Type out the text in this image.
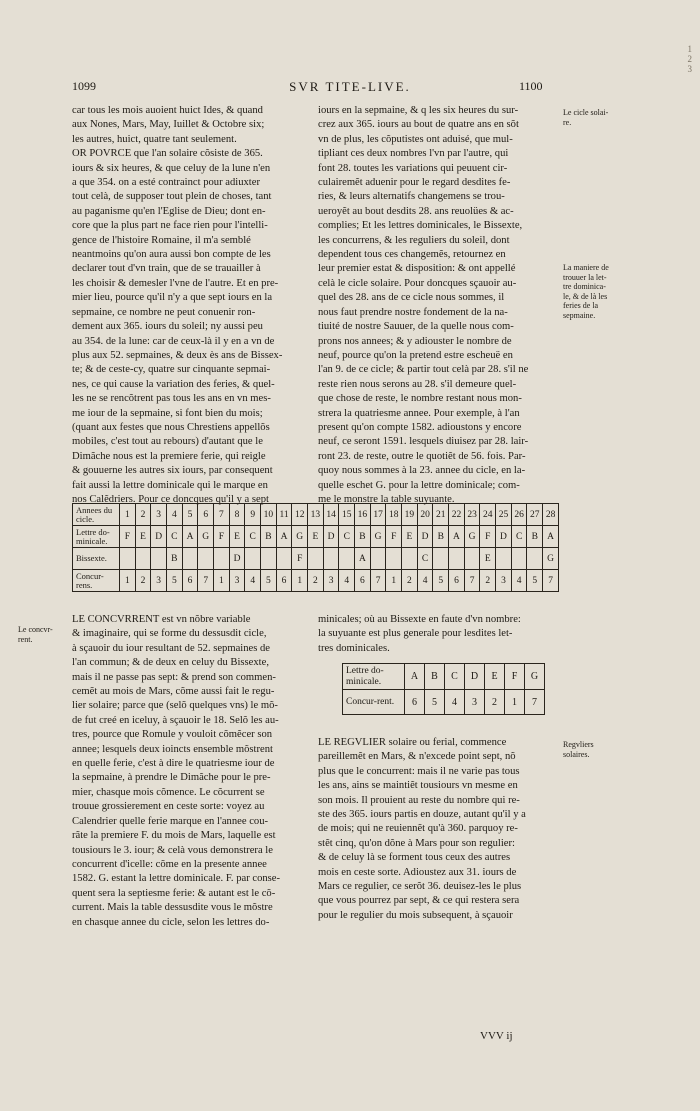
1099	SVR TITE-LIVE.	1100
1
2
3
car tous les mois auoient huict Ides, & quand
aux Nones, Mars, May, Iuillet & Octobre six;
les autres, huict, quatre tant seulement.
OR POVRCE que l'an solaire cõsiste de 365.
iours & six heures, & que celuy de la lune n'en
a que 354. on a esté contrainct pour adiuxter
tout celà, de supposer tout plein de choses, tant
au paganisme qu'en l'Eglise de Dieu; dont en-
core que la plus part ne face rien pour l'intelli-
gence de l'histoire Romaine, il m'a semblé
neantmoins qu'on aura aussi bon compte de les
declarer tout d'vn train, que de se trauailler à
les choisir & demesler l'vne de l'autre. Et en pre-
mier lieu, pource qu'il n'y a que sept iours en la
sepmaine, ce nombre ne peut conuenir ron-
dement aux 365. iours du soleil; ny aussi peu
au 354. de la lune: car de ceux-là il y en a vn de
plus aux 52. sepmaines, & deux ès ans de Bissex-
te; & de ceste-cy, quatre sur cinquante sepmai-
nes, ce qui cause la variation des feries, & quel-
les ne se rencõtrent pas tous les ans en vn mes-
me iour de la sepmaine, si font bien du mois;
(quant aux festes que nous Chrestiens appellõs
mobiles, c'est tout au rebours) d'autant que le
Dimãche nous est la premiere ferie, qui reigle
& gouuerne les autres six iours, par consequent
fait aussi la lettre dominicale qui le marque en
nos Calẽdriers. Pour ce doncques qu'il y a sept
iours en la sepmaine, & q les six heures du sur-
crez aux 365. iours au bout de quatre ans en sõt
vn de plus, les cõputistes ont aduisé, que mul-
tipliant ces deux nombres l'vn par l'autre, qui
font 28. toutes les variations qui peuuent cir-
culairemẽt aduenir pour le regard desdites fe-
ries, & leurs alternatifs changemens se trou-
ueroyẽt au bout desdits 28. ans reuolües & ac-
complies; Et les lettres dominicales, le Bissexte,
les concurrens, & les reguliers du soleil, dont
dependent tous ces changemẽs, retournez en
leur premier estat & disposition: & ont appellé
celà le cicle solaire. Pour doncques sçauoir au-
quel des 28. ans de ce cicle nous sommes, il
nous faut prendre nostre fondement de la na-
tiuité de nostre Sauuer, de la quelle nous com-
prons nos annees; & y adiouster le nombre de
neuf, pource qu'on la pretend estre escheuë en
l'an 9. de ce cicle; & partir tout celà par 28. s'il ne
reste rien nous serons au 28. s'il demeure quel-
que chose de reste, le nombre restant nous mon-
strera la quatriesme annee. Pour exemple, à l'an
present qu'on compte 1582. adioustons y encore
neuf, ce seront 1591. lesquels diuisez par 28. lair-
ront 23. de reste, outre le quotiẽt de 56. fois. Par-
quoy nous sommes à la 23. annee du cicle, en la-
quelle eschet G. pour la lettre dominicale; com-
me le monstre la table suyuante.
Le cicle solai-
re.
La maniere de
trouuer la let-
tre dominica-
le, & de là les
feries de la
sepmaine.
Annees du cicle.	1	2	3	4	5	6	7	8	9	10	11	12	13	14	15	16	17	18	19	20	21	22	23	24	25	26	27	28
Lettre do-minicale.	F	E	D	C	A	G	F	E	C	B	A	G	E	D	C	B	G	F	E	D	B	A	G	F	D	C	B	A
Bissexte.				B				D				F				A				C				E				G
Concur-rens.	1	2	3	5	6	7	1	3	4	5	6	1	2	3	4	6	7	1	2	4	5	6	7	2	3	4	5	7
Le concvr-
rent.
LE CONCVRRENT est vn nõbre variable
& imaginaire, qui se forme du dessusdit cicle,
à sçauoir du iour resultant de 52. sepmaines de
l'an commun; & de deux en celuy du Bissexte,
mais il ne passe pas sept: & prend son commen-
cemẽt au mois de Mars, cõme aussi fait le regu-
lier solaire; parce que (selõ quelques vns) le mõ-
de fut creé en iceluy, à sçauoir le 18. Selõ les au-
tres, pource que Romule y vouloit cõmẽcer son
annee; lesquels deux ioincts ensemble mõstrent
en quelle ferie, c'est à dire le quatriesme iour de
la sepmaine, à prendre le Dimãche pour le pre-
mier, chasque mois cõmence. Le cõcurrent se
trouue grossierement en ceste sorte: voyez au
Calendrier quelle ferie marque en l'annee cou-
rãte la premiere F. du mois de Mars, laquelle est
tousiours le 3. iour; & celà vous demonstrera le
concurrent d'icelle: cõme en la presente annee
1582. G. estant la lettre dominicale. F. par conse-
quent sera la septiesme ferie: & autant est le cõ-
current. Mais la table dessusdite vous le mõstre
en chasque annee du cicle, selon les lettres do-
minicales; où au Bissexte en faute d'vn nombre:
la suyuante est plus generale pour lesdites let-
tres dominicales.
Lettre do-minicale.	A	B	C	D	E	F	G
Concur-rent.	6	5	4	3	2	1	7
LE REGVLIER solaire ou ferial, commence
pareillemẽt en Mars, & n'excede point sept, nõ
plus que le concurrent: mais il ne varie pas tous
les ans, ains se maintiẽt tousiours vn mesme en
son mois. Il prouient au reste du nombre qui re-
ste des 365. iours partis en douze, autant qu'il y a
de mois; qui ne reuiennẽt qu'à 360. parquoy re-
stẽt cinq, qu'on dõne à Mars pour son regulier:
& de celuy là se forment tous ceux des autres
mois en ceste sorte. Adioustez aux 31. iours de
Mars ce regulier, ce serõt 36. deuisez-les le plus
que vous pourrez par sept, & ce qui restera sera
pour le regulier du mois subsequent, à sçauoir
Regvliers
solaires.
VVV ij
